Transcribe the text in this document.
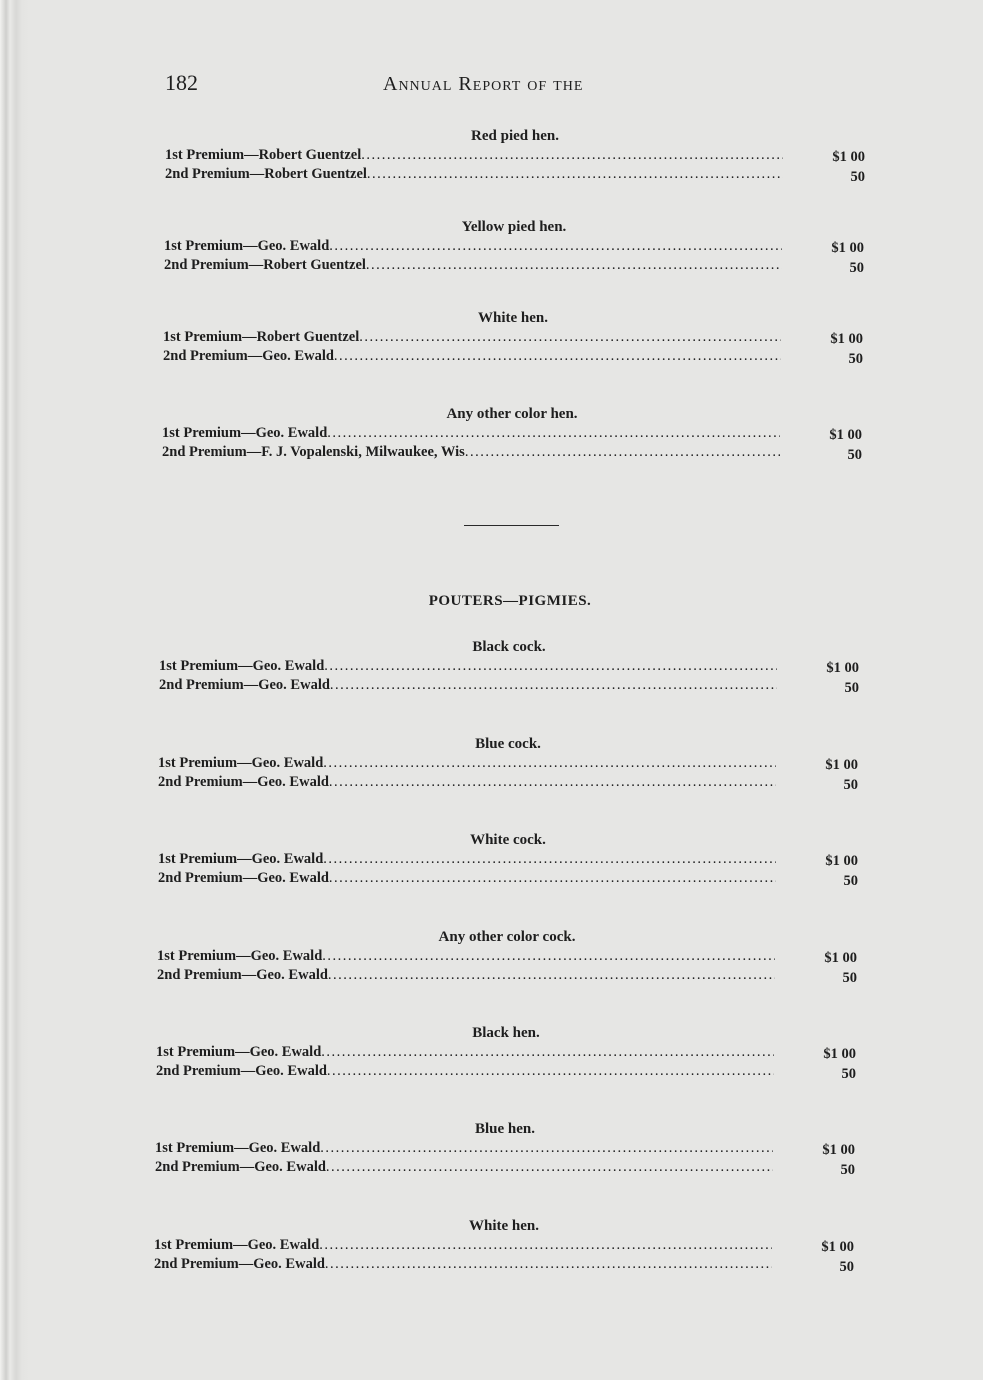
182	Annual Report of the
Red pied hen.
1st Premium—Robert Guentzel .....	$1 00
2nd Premium—Robert Guentzel .....	50
Yellow pied hen.
1st Premium—Geo. Ewald .....	$1 00
2nd Premium—Robert Guentzel .....	50
White hen.
1st Premium—Robert Guentzel .....	$1 00
2nd Premium—Geo. Ewald .....	50
Any other color hen.
1st Premium—Geo. Ewald .....	$1 00
2nd Premium—F. J. Vopalenski, Milwaukee, Wis .....	50
POUTERS—PIGMIES.
Black cock.
1st Premium—Geo. Ewald .....	$1 00
2nd Premium—Geo. Ewald .....	50
Blue cock.
1st Premium—Geo. Ewald .....	$1 00
2nd Premium—Geo. Ewald .....	50
White cock.
1st Premium—Geo. Ewald .....	$1 00
2nd Premium—Geo. Ewald .....	50
Any other color cock.
1st Premium—Geo. Ewald .....	$1 00
2nd Premium—Geo. Ewald .....	50
Black hen.
1st Premium—Geo. Ewald .....	$1 00
2nd Premium—Geo. Ewald .....	50
Blue hen.
1st Premium—Geo. Ewald .....	$1 00
2nd Premium—Geo. Ewald .....	50
White hen.
1st Premium—Geo. Ewald .....	$1 00
2nd Premium—Geo. Ewald .....	50
